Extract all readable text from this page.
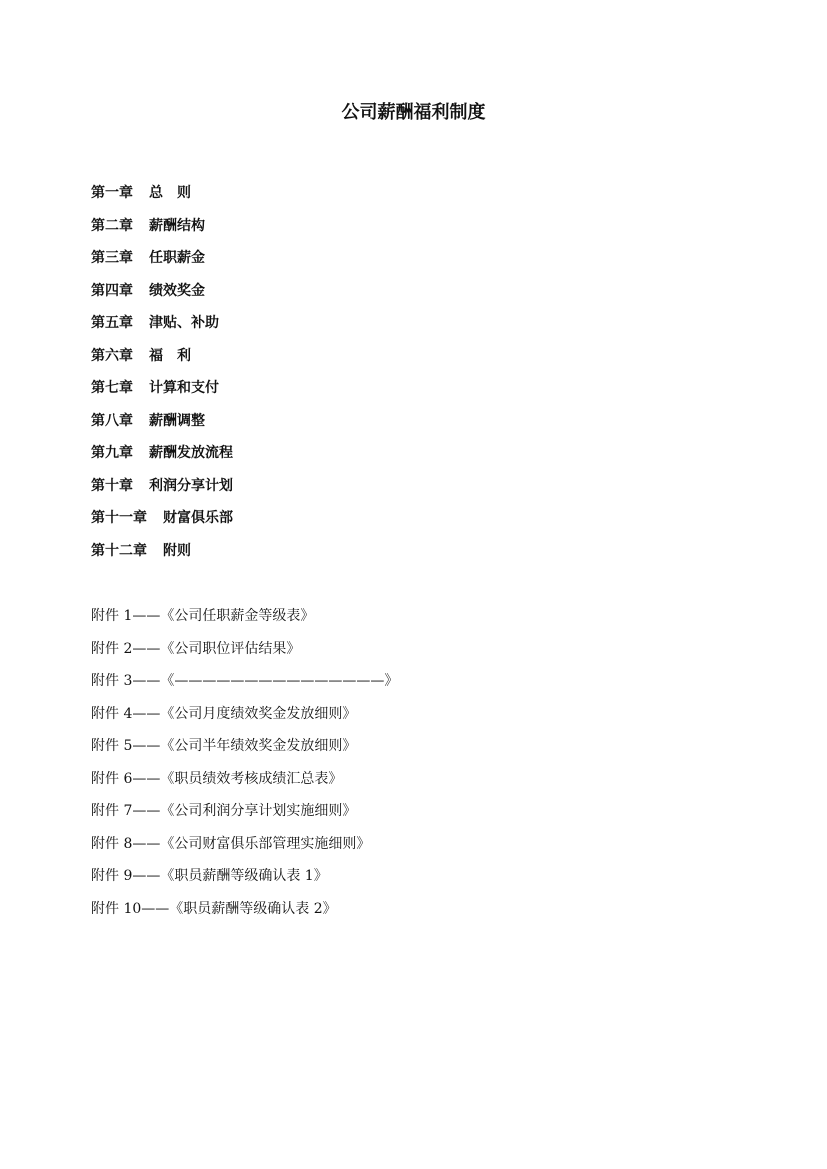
公司薪酬福利制度
第一章 总　则
第二章 薪酬结构
第三章 任职薪金
第四章 绩效奖金
第五章 津贴、补助
第六章 福　利
第七章 计算和支付
第八章 薪酬调整
第九章 薪酬发放流程
第十章 利润分享计划
第十一章 财富俱乐部
第十二章 附则
附件 1——《公司任职薪金等级表》
附件 2——《公司职位评估结果》
附件 3——《———————————————》
附件 4——《公司月度绩效奖金发放细则》
附件 5——《公司半年绩效奖金发放细则》
附件 6——《职员绩效考核成绩汇总表》
附件 7——《公司利润分享计划实施细则》
附件 8——《公司财富俱乐部管理实施细则》
附件 9——《职员薪酬等级确认表 1》
附件 10——《职员薪酬等级确认表 2》
